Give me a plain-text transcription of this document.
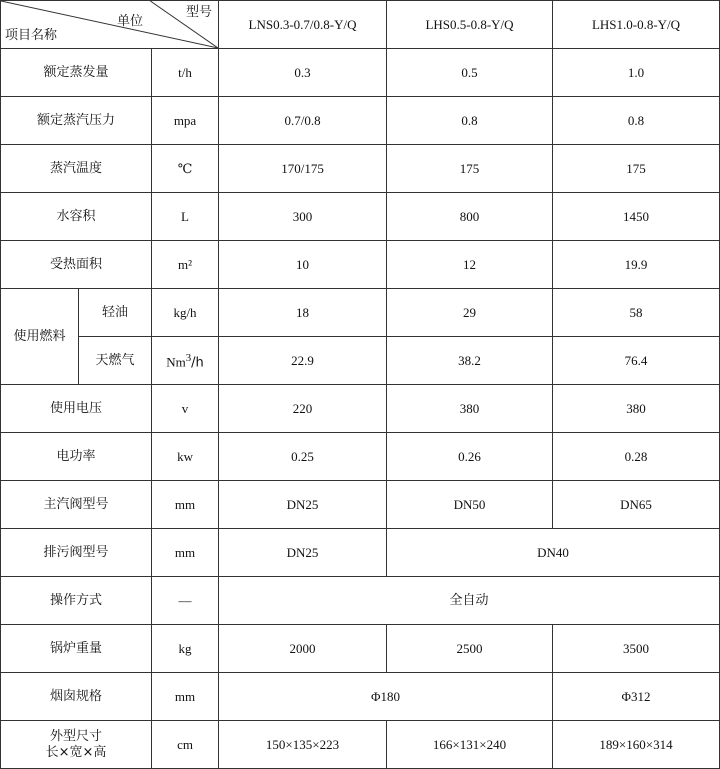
型号
单位
项目名称			LNS0.3-0.7/0.8-Y/Q	LHS0.5-0.8-Y/Q	LHS1.0-0.8-Y/Q
额定蒸发量		t/h	0.3	0.5	1.0
额定蒸汽压力		mpa	0.7/0.8	0.8	0.8
蒸汽温度		℃	170/175	175	175
水容积		L	300	800	1450
受热面积		m²	10	12	19.9
使用燃料	轻油	kg/h	18	29	58
	天燃气	Nm$^3$/h	22.9	38.2	76.4
使用电压		v	220	380	380
电功率		kw	0.25	0.26	0.28
主汽阀型号		mm	DN25	DN50	DN65
排污阀型号		mm	DN25	DN40	
操作方式		—	全自动		
锅炉重量		kg	2000	2500	3500
烟囱规格		mm	Φ180		Φ312

外型尺寸
长×宽×高		cm	150×135×223	166×131×240	189×160×314
